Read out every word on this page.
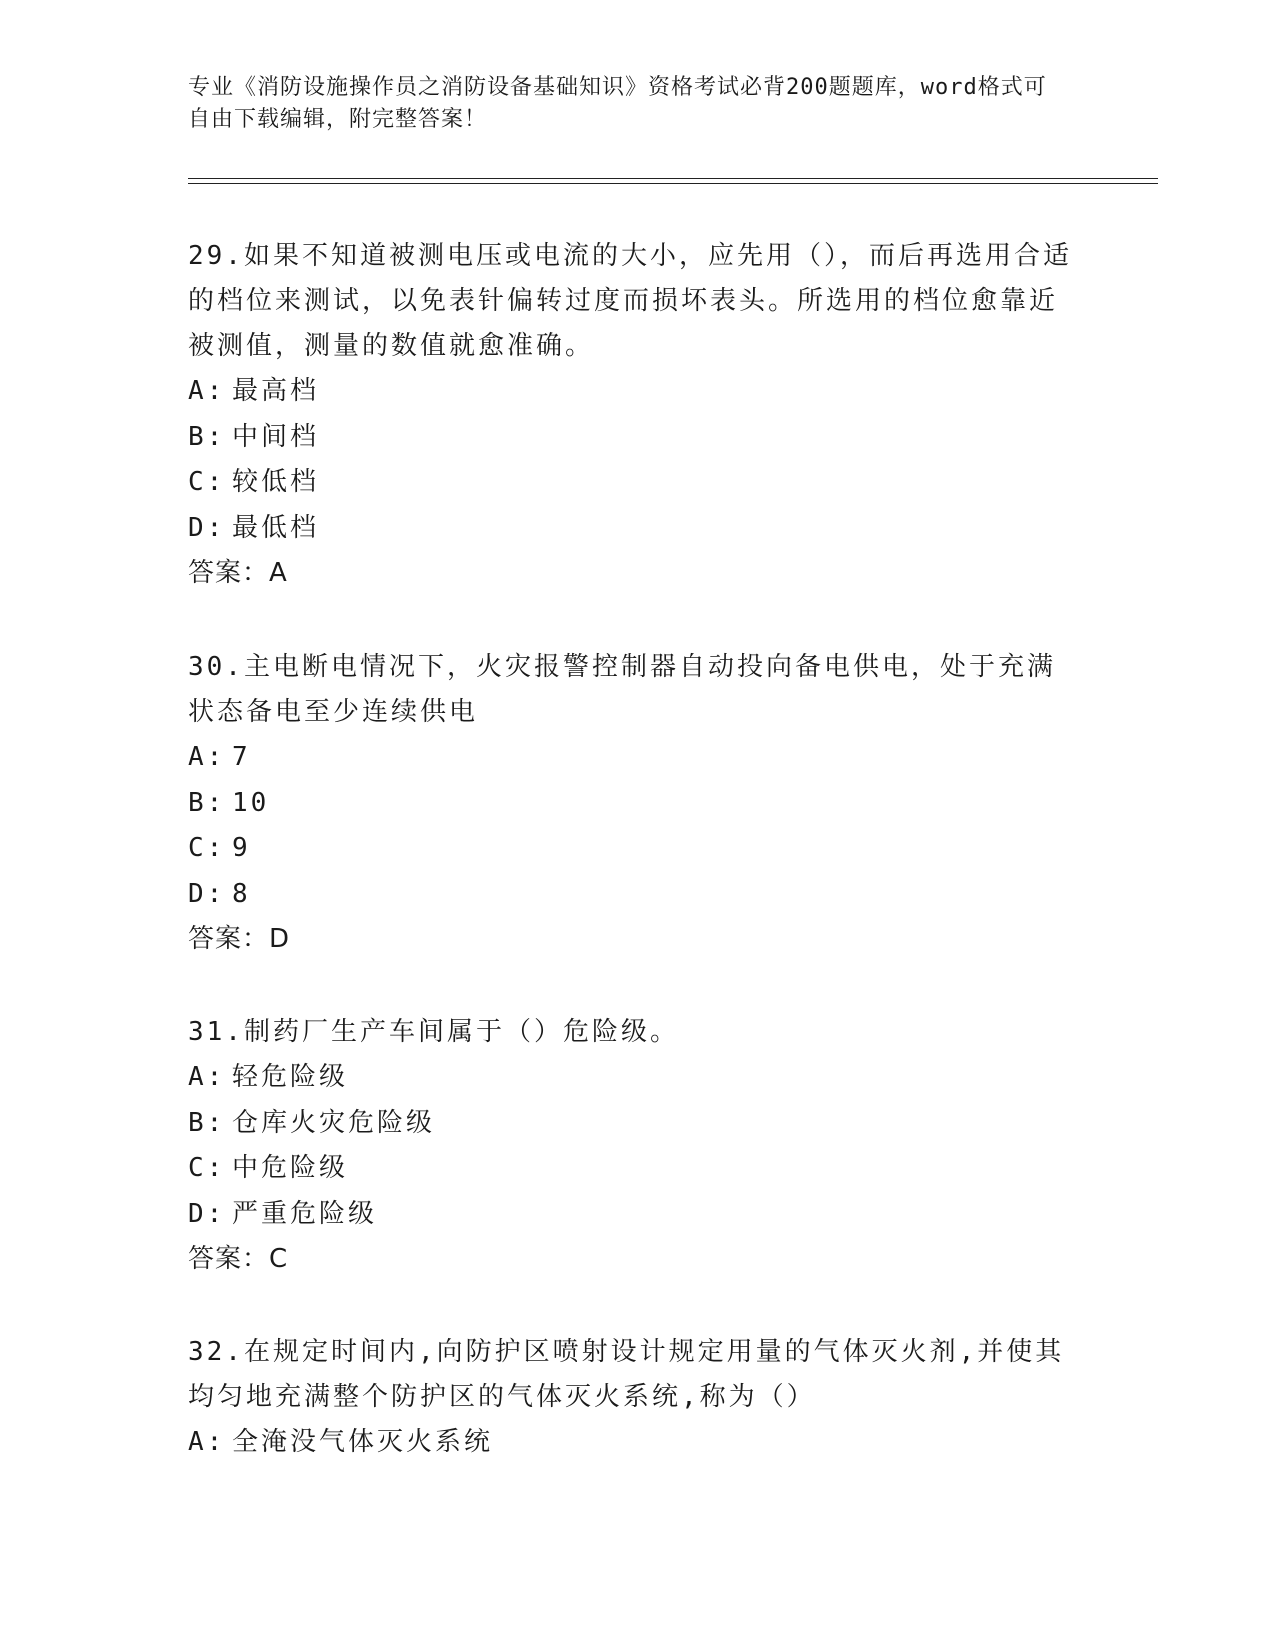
专业《消防设施操作员之消防设备基础知识》资格考试必背200题题库，word格式可自由下载编辑，附完整答案！

29.如果不知道被测电压或电流的大小，应先用（），而后再选用合适的档位来测试，以免表针偏转过度而损坏表头。所选用的档位愈靠近被测值，测量的数值就愈准确。

A: 最高档

B: 中间档

C: 较低档

D: 最低档

答案：A

30.主电断电情况下，火灾报警控制器自动投向备电供电，处于充满状态备电至少连续供电

A: 7

B: 10

C: 9

D: 8

答案：D

31.制药厂生产车间属于（）危险级。

A: 轻危险级

B: 仓库火灾危险级

C: 中危险级

D: 严重危险级

答案：C

32.在规定时间内,向防护区喷射设计规定用量的气体灭火剂,并使其均匀地充满整个防护区的气体灭火系统,称为（）

A: 全淹没气体灭火系统
